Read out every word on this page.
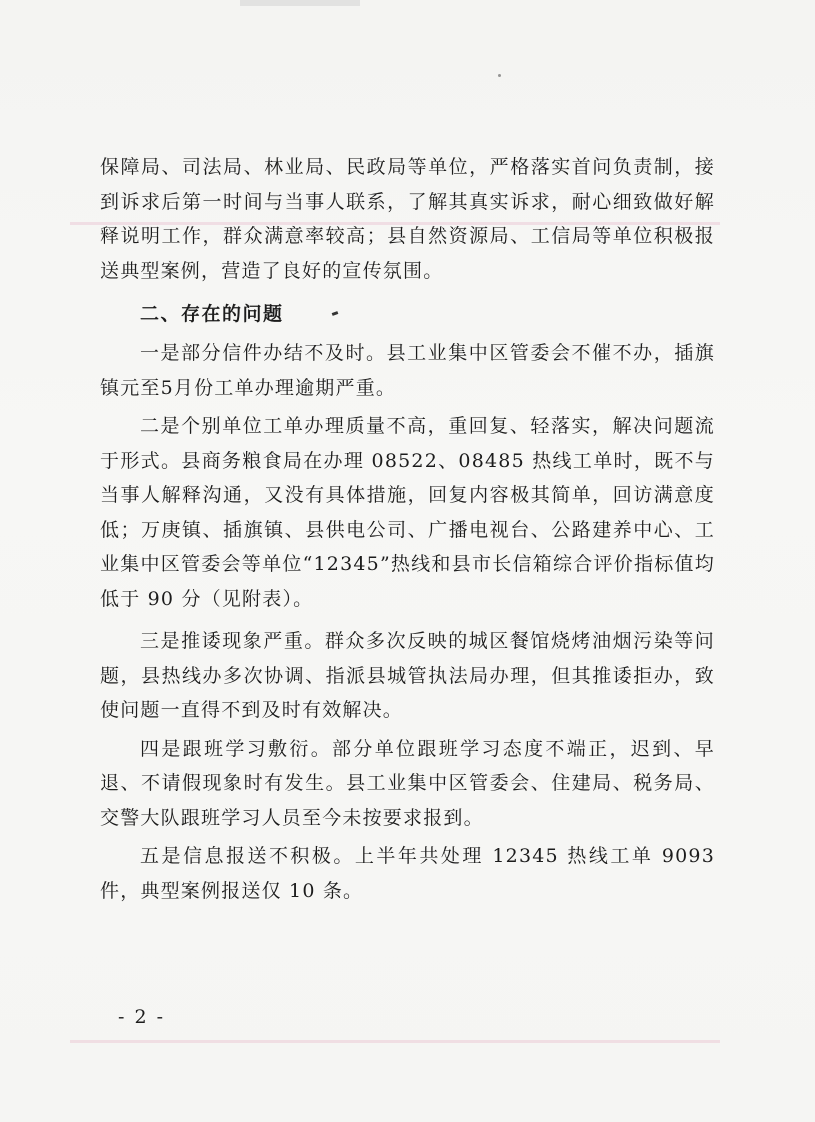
保障局、司法局、林业局、民政局等单位，严格落实首问负责制，接到诉求后第一时间与当事人联系，了解其真实诉求，耐心细致做好解释说明工作，群众满意率较高；县自然资源局、工信局等单位积极报送典型案例，营造了良好的宣传氛围。

二、存在的问题

一是部分信件办结不及时。县工业集中区管委会不催不办，插旗镇元至5月份工单办理逾期严重。

二是个别单位工单办理质量不高，重回复、轻落实，解决问题流于形式。县商务粮食局在办理 08522、08485 热线工单时，既不与当事人解释沟通，又没有具体措施，回复内容极其简单，回访满意度低；万庚镇、插旗镇、县供电公司、广播电视台、公路建养中心、工业集中区管委会等单位“12345”热线和县市长信箱综合评价指标值均低于 90 分（见附表）。

三是推诿现象严重。群众多次反映的城区餐馆烧烤油烟污染等问题，县热线办多次协调、指派县城管执法局办理，但其推诿拒办，致使问题一直得不到及时有效解决。

四是跟班学习敷衍。部分单位跟班学习态度不端正，迟到、早退、不请假现象时有发生。县工业集中区管委会、住建局、税务局、交警大队跟班学习人员至今未按要求报到。

五是信息报送不积极。上半年共处理 12345 热线工单 9093 件，典型案例报送仅 10 条。

- 2 -
